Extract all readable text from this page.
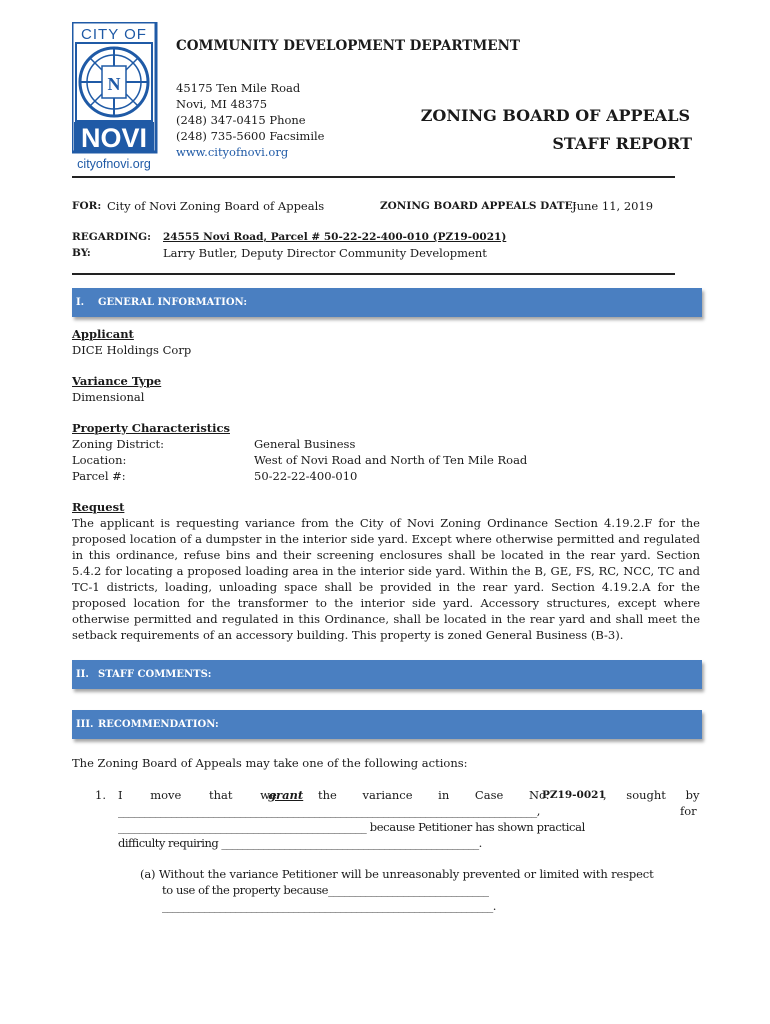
CITY OF
N
NOVI
cityofnovi.org
COMMUNITY DEVELOPMENT DEPARTMENT
45175 Ten Mile Road
Novi, MI 48375
(248) 347-0415 Phone
(248) 735-5600 Facsimile
www.cityofnovi.org
ZONING BOARD OF APPEALS
STAFF REPORT
FOR: City of Novi Zoning Board of Appeals	ZONING BOARD APPEALS DATE:
June 11, 2019
REGARDING: 24555 Novi Road, Parcel # 50-22-22-400-010 (PZ19-0021)
BY:	Larry Butler, Deputy Director Community Development
I. GENERAL INFORMATION:
Applicant
DICE Holdings Corp
Variance Type
Dimensional
Property Characteristics
Zoning District:	General Business
Location:	West of Novi Road and North of Ten Mile Road
Parcel #:	50-22-22-400-010
Request
The applicant is requesting variance from the City of Novi Zoning Ordinance Section 4.19.2.F for the proposed location of a dumpster in the interior side yard. Except where otherwise permitted and regulated in this ordinance, refuse bins and their screening enclosures shall be located in the rear yard. Section 5.4.2 for locating a proposed loading area in the interior side yard. Within the B, GE, FS, RC, NCC, TC and TC-1 districts, loading, unloading space shall be provided in the rear yard. Section 4.19.2.A for the proposed location for the transformer to the interior side yard. Accessory structures, except where otherwise permitted and regulated in this Ordinance, shall be located in the rear yard and shall meet the setback requirements of an accessory building. This property is zoned General Business (B-3).
II. STAFF COMMENTS:
III. RECOMMENDATION:
The Zoning Board of Appeals may take one of the following actions:
1. I move that we
grant the variance in Case No.
PZ19-0021
, sought by
_______________________________________________________________________________,	for
______________________________________________ because Petitioner has shown practical
difficulty requiring _________________________________________________.
(a) Without the variance Petitioner will be unreasonably prevented or limited with respect
to use of the property because______________________________
_______________________________________________________________.
